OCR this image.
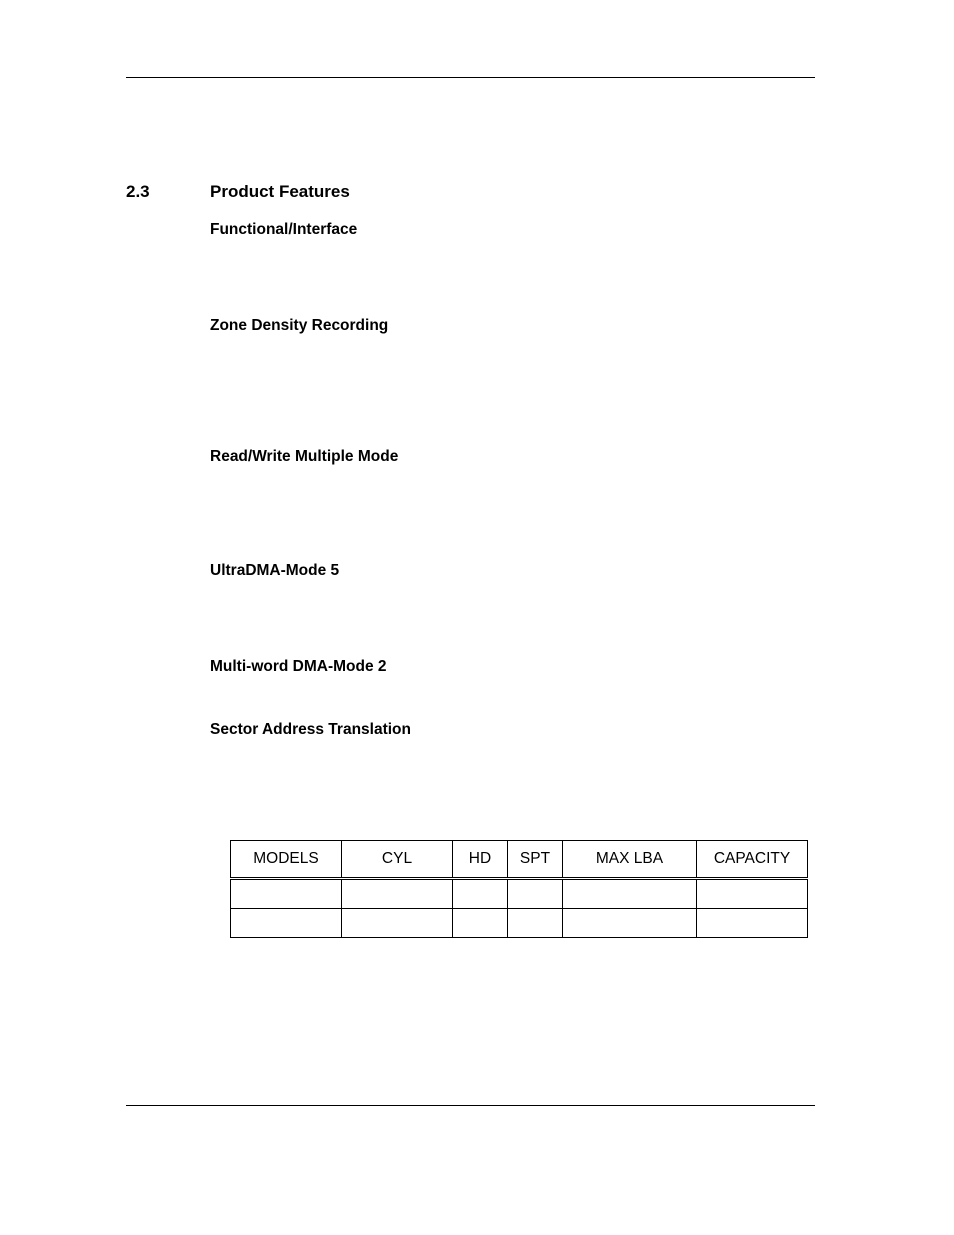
2.3	Product Features
Functional/Interface
Zone Density Recording
Read/Write Multiple Mode
UltraDMA-Mode 5
Multi-word DMA-Mode 2
Sector Address Translation
MODELS	CYL	HD	SPT	MAX LBA	CAPACITY
